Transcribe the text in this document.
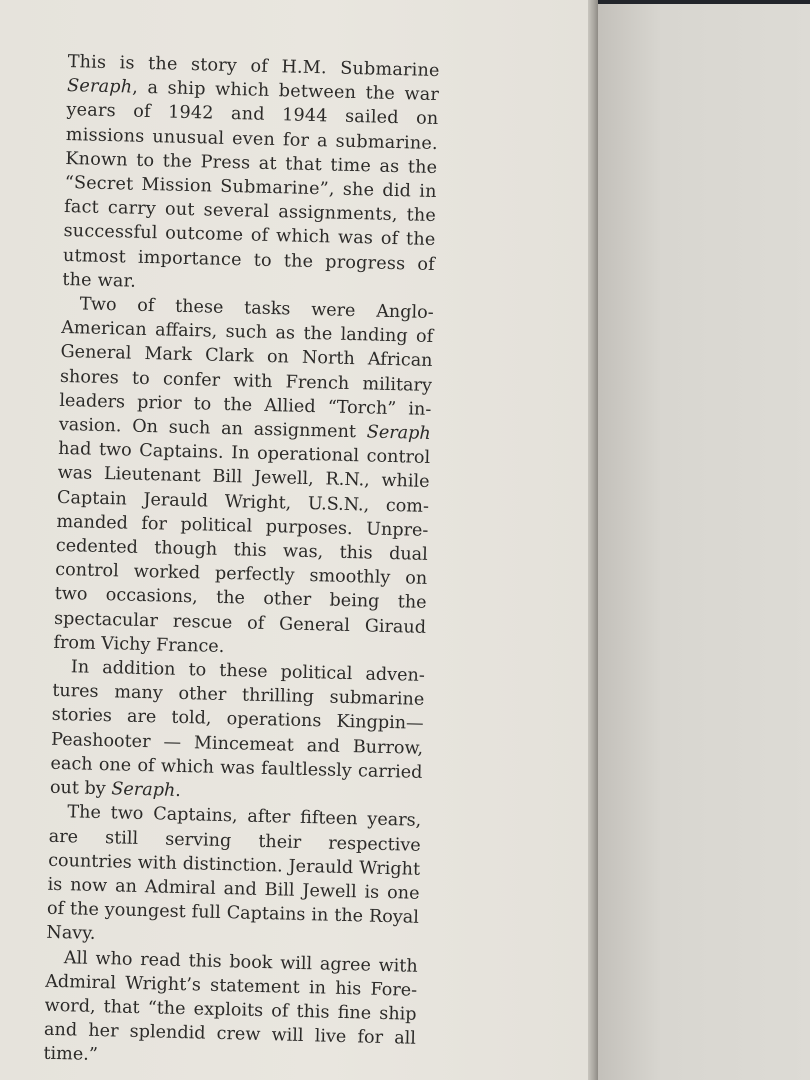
This is the story of H.M. Submarine Seraph, a ship which between the war years of 1942 and 1944 sailed on missions unusual even for a submarine. Known to the Press at that time as the “Secret Mission Submarine”, she did in fact carry out several assignments, the successful outcome of which was of the utmost importance to the progress of the war.

Two of these tasks were Anglo-American affairs, such as the landing of General Mark Clark on North African shores to confer with French military leaders prior to the Allied “Torch” invasion. On such an assignment Seraph had two Captains. In operational control was Lieutenant Bill Jewell, R.N., while Captain Jerauld Wright, U.S.N., commanded for political purposes. Unprecedented though this was, this dual control worked perfectly smoothly on two occasions, the other being the spectacular rescue of General Giraud from Vichy France.

In addition to these political adventures many other thrilling submarine stories are told, operations Kingpin— Peashooter — Mincemeat and Burrow, each one of which was faultlessly carried out by Seraph.

The two Captains, after fifteen years, are still serving their respective countries with distinction. Jerauld Wright is now an Admiral and Bill Jewell is one of the youngest full Captains in the Royal Navy.

All who read this book will agree with Admiral Wright’s statement in his Foreword, that “the exploits of this fine ship and her splendid crew will live for all time.”
